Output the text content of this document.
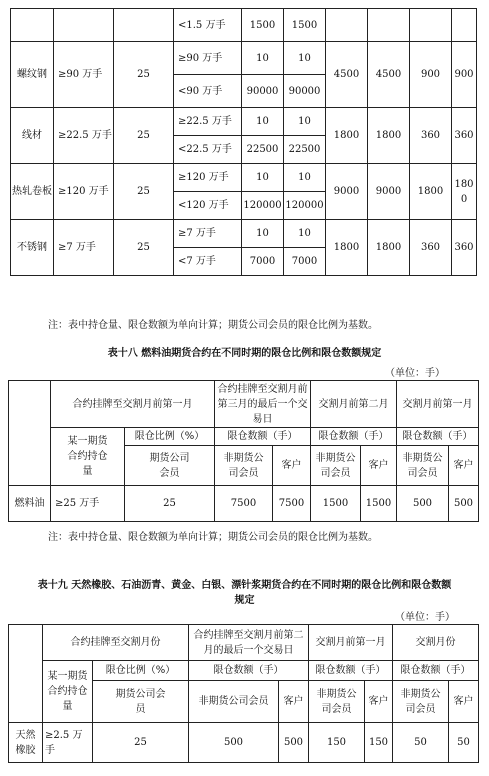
			<1.5 万手	1500	1500				
螺纹钢	≥90 万手	25	≥90 万手	10	10	4500	4500	900	900
			<90 万手	90000	90000				
线材	≥22.5 万手	25	≥22.5 万手	10	10	1800	1800	360	360
			<22.5 万手	22500	22500				
热轧卷板	≥120 万手	25	≥120 万手	10	10	9000	9000	1800	1800
			<120 万手	120000	120000				
不锈钢	≥7 万手	25	≥7 万手	10	10	1800	1800	360	360
			<7 万手	7000	7000				
注：表中持仓量、限仓数额为单向计算；期货公司会员的限仓比例为基数。
表十八 燃料油期货合约在不同时期的限仓比例和限仓数额规定
（单位：手）
	合约挂牌至交割月前第一月		合约挂牌至交割月前第三月的最后一个交易日		交割月前第二月		交割月前第一月	
	某一期货合约持仓量	限仓比例（%）	限仓数额（手）		限仓数额（手）		限仓数额（手）	
		期货公司会员	非期货公司会员	客户	非期货公司会员	客户	非期货公司会员	客户
燃料油	≥25 万手	25	7500	7500	1500	1500	500	500
注：表中持仓量、限仓数额为单向计算；期货公司会员的限仓比例为基数。
表十九 天然橡胶、石油沥青、黄金、白银、漂针浆期货合约在不同时期的限仓比例和限仓数额
规定
（单位：手）
	合约挂牌至交割月份		合约挂牌至交割月前第二月的最后一个交易日		交割月前第一月		交割月份	
	某一期货合约持仓量	限仓比例（%）	限仓数额（手）		限仓数额（手）		限仓数额（手）	
		期货公司会员	非期货公司会员	客户	非期货公司会员	客户	非期货公司会员	客户
天然橡胶	≥2.5 万手	25	500	500	150	150	50	50
